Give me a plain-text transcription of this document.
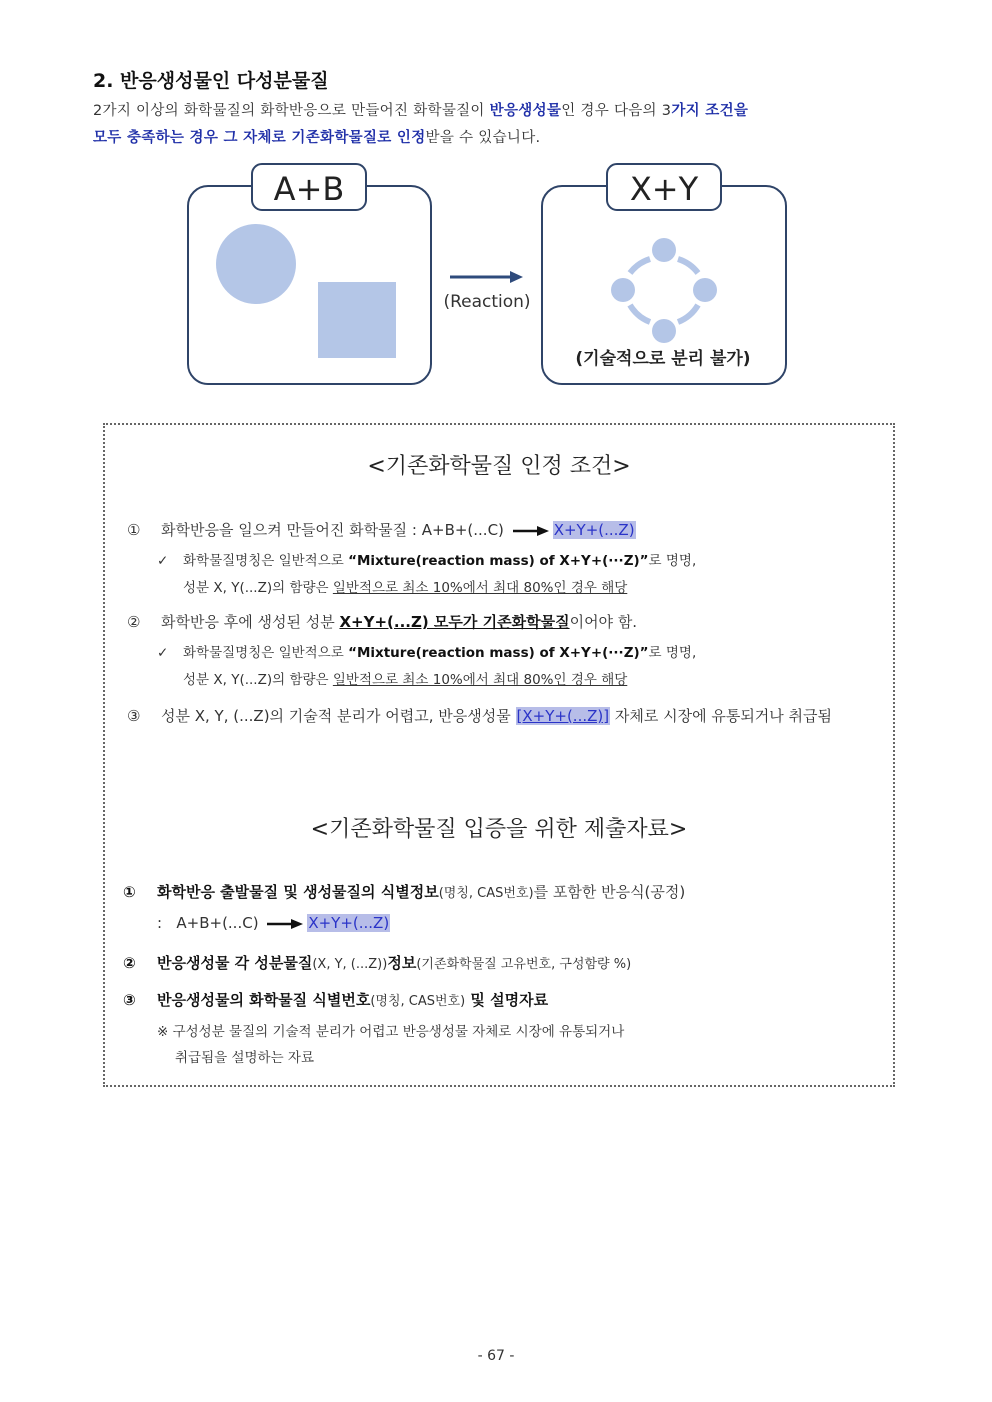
2. 반응생성물인 다성분물질
2가지 이상의 화학물질의 화학반응으로 만들어진 화학물질이 반응생성물인 경우 다음의 3가지 조건을
모두 충족하는 경우 그 자체로 기존화학물질로 인정받을 수 있습니다.
A+B
(Reaction)
X+Y
(기술적으로 분리 불가)
<기존화학물질 인정 조건>
① 화학반응을 일으켜 만들어진 화학물질 : A+B+(...C)	X+Y+(...Z)
✓ 화학물질명칭은 일반적으로 “Mixture(reaction mass) of X+Y+(···Z)”로 명명,
성분 X, Y(...Z)의 함량은 일반적으로 최소 10%에서 최대 80%인 경우 해당
② 화학반응 후에 생성된 성분 X+Y+(...Z) 모두가 기존화학물질이어야 함.
✓ 화학물질명칭은 일반적으로 “Mixture(reaction mass) of X+Y+(···Z)”로 명명,
성분 X, Y(...Z)의 함량은 일반적으로 최소 10%에서 최대 80%인 경우 해당
③ 성분 X, Y, (...Z)의 기술적 분리가 어렵고, 반응생성물 [X+Y+(...Z)] 자체로 시장에 유통되거나 취급됨
<기존화학물질 입증을 위한 제출자료>
① 화학반응 출발물질 및 생성물질의 식별정보(명칭, CAS번호)를 포함한 반응식(공정)
: A+B+(...C)	X+Y+(...Z)
② 반응생성물 각 성분물질(X, Y, (...Z))정보(기존화학물질 고유번호, 구성함량 %)
③ 반응생성물의 화학물질 식별번호(명칭, CAS번호) 및 설명자료
※ 구성성분 물질의 기술적 분리가 어렵고 반응생성물 자체로 시장에 유통되거나
취급됨을 설명하는 자료
- 67 -
